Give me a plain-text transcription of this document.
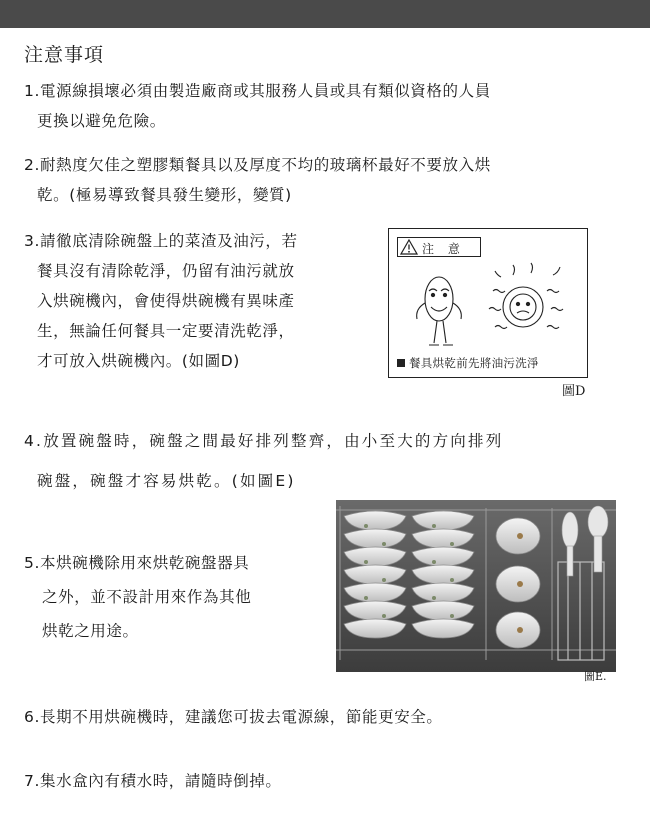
注意事項
1.電源線損壞必須由製造廠商或其服務人員或具有類似資格的人員
更換以避免危險。
2.耐熱度欠佳之塑膠類餐具以及厚度不均的玻璃杯最好不要放入烘
乾。(極易導致餐具發生變形，變質)
3.請徹底清除碗盤上的菜渣及油污，若
餐具沒有清除乾淨，仍留有油污就放
入烘碗機內，會使得烘碗機有異味產
生，無論任何餐具一定要清洗乾淨，
才可放入烘碗機內。(如圖D)
注 意
餐具烘乾前先將油污洗淨
圖D
4.放置碗盤時，碗盤之間最好排列整齊，由小至大的方向排列
碗盤，碗盤才容易烘乾。(如圖E)
5.本烘碗機除用來烘乾碗盤器具
之外，並不設計用來作為其他
烘乾之用途。
圖E.
6.長期不用烘碗機時，建議您可拔去電源線，節能更安全。
7.集水盒內有積水時，請隨時倒掉。
